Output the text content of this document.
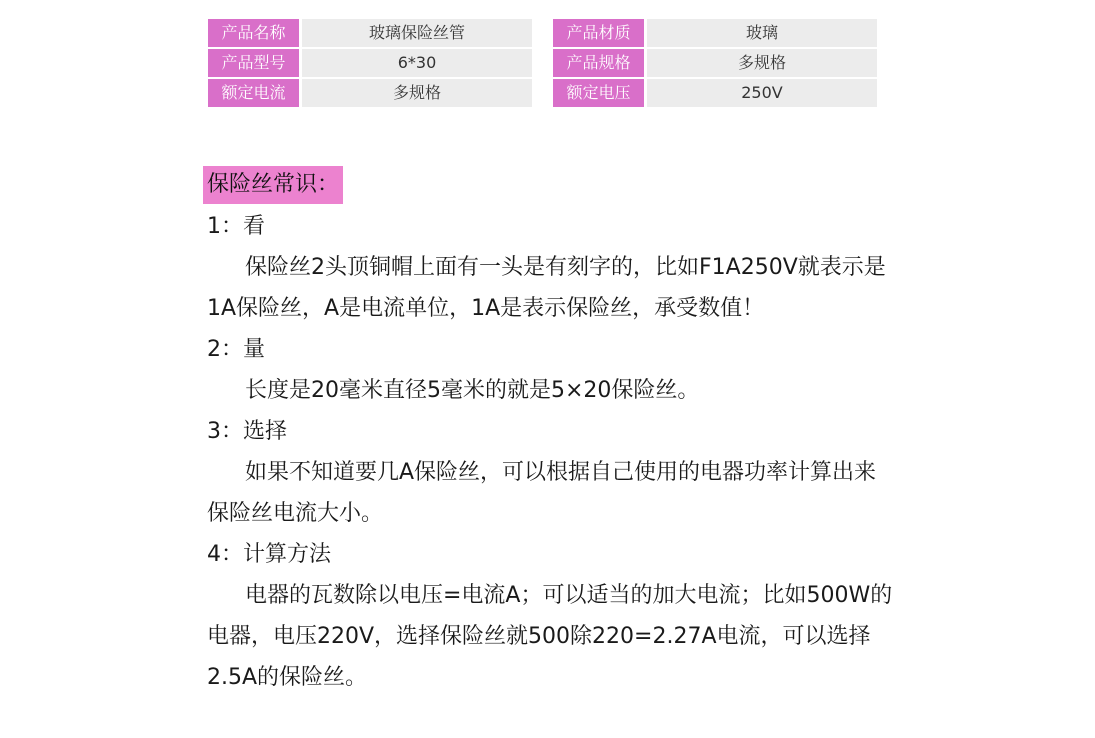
产品名称	玻璃保险丝管
产品型号	6*30
额定电流	多规格
产品材质	玻璃
产品规格	多规格
额定电压	250V
保险丝常识：
1：看
保险丝2头顶铜帽上面有一头是有刻字的，比如F1A250V就表示是1A保险丝，A是电流单位，1A是表示保险丝，承受数值！
2：量
长度是20毫米直径5毫米的就是5×20保险丝。
3：选择
如果不知道要几A保险丝，可以根据自己使用的电器功率计算出来保险丝电流大小。
4：计算方法
电器的瓦数除以电压=电流A；可以适当的加大电流；比如500W的电器，电压220V，选择保险丝就500除220=2.27A电流，可以选择2.5A的保险丝。
